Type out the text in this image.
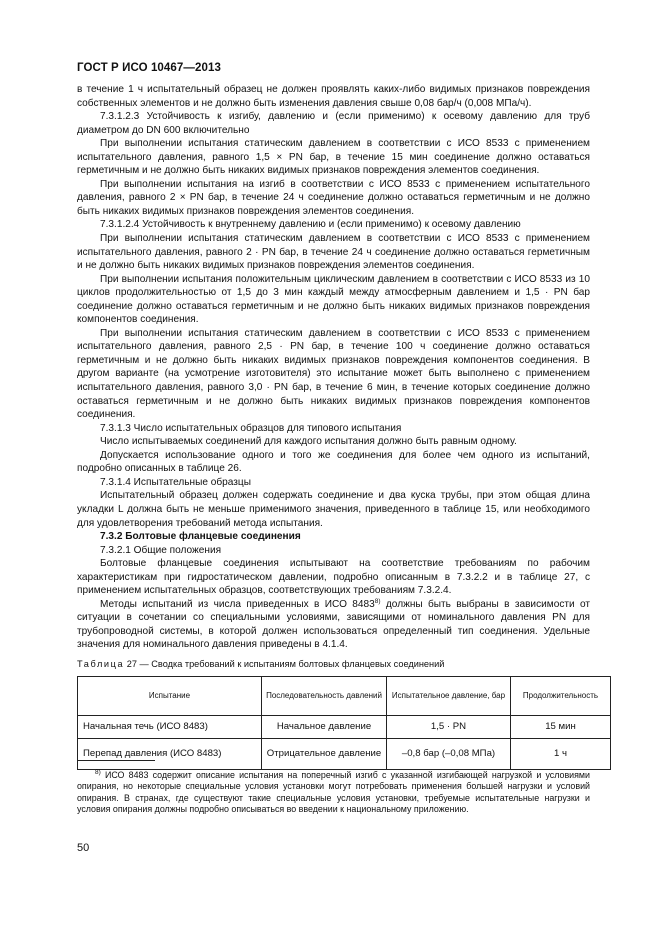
ГОСТ Р ИСО 10467—2013

в течение 1 ч испытательный образец не должен проявлять каких-либо видимых признаков повреждения собственных элементов и не должно быть изменения давления свыше 0,08 бар/ч (0,008 МПа/ч).

7.3.1.2.3 Устойчивость к изгибу, давлению и (если применимо) к осевому давлению для труб диаметром до DN 600 включительно

При выполнении испытания статическим давлением в соответствии с ИСО 8533 с применением испытательного давления, равного 1,5 × PN бар, в течение 15 мин соединение должно оставаться герметичным и не должно быть никаких видимых признаков повреждения элементов соединения.

При выполнении испытания на изгиб в соответствии с ИСО 8533 с применением испытательного давления, равного 2 × PN бар, в течение 24 ч соединение должно оставаться герметичным и не должно быть никаких видимых признаков повреждения элементов соединения.

7.3.1.2.4 Устойчивость к внутреннему давлению и (если применимо) к осевому давлению

При выполнении испытания статическим давлением в соответствии с ИСО 8533 с применением испытательного давления, равного 2 · PN бар, в течение 24 ч соединение должно оставаться герметичным и не должно быть никаких видимых признаков повреждения элементов соединения.

При выполнении испытания положительным циклическим давлением в соответствии с ИСО 8533 из 10 циклов продолжительностью от 1,5 до 3 мин каждый между атмосферным давлением и 1,5 · PN бар соединение должно оставаться герметичным и не должно быть никаких видимых признаков повреждения компонентов соединения.

При выполнении испытания статическим давлением в соответствии с ИСО 8533 с применением испытательного давления, равного 2,5 · PN бар, в течение 100 ч соединение должно оставаться герметичным и не должно быть никаких видимых признаков повреждения компонентов соединения. В другом варианте (на усмотрение изготовителя) это испытание может быть выполнено с применением испытательного давления, равного 3,0 · PN бар, в течение 6 мин, в течение которых соединение должно оставаться герметичным и не должно быть никаких видимых признаков повреждения компонентов соединения.

7.3.1.3 Число испытательных образцов для типового испытания

Число испытываемых соединений для каждого испытания должно быть равным одному.

Допускается использование одного и того же соединения для более чем одного из испытаний, подробно описанных в таблице 26.

7.3.1.4 Испытательные образцы

Испытательный образец должен содержать соединение и два куска трубы, при этом общая длина укладки L должна быть не меньше применимого значения, приведенного в таблице 15, или необходимого для удовлетворения требований метода испытания.

7.3.2 Болтовые фланцевые соединения

7.3.2.1 Общие положения

Болтовые фланцевые соединения испытывают на соответствие требованиям по рабочим характеристикам при гидростатическом давлении, подробно описанным в 7.3.2.2 и в таблице 27, с применением испытательных образцов, соответствующих требованиям 7.3.2.4.

Методы испытаний из числа приведенных в ИСО 8483$^{8)}$ должны быть выбраны в зависимости от ситуации в сочетании со специальными условиями, зависящими от номинального давления PN для трубопроводной системы, в которой должен использоваться определенный тип соединения. Удельные значения для номинального давления приведены в 4.1.4.

Таблица 27 — Сводка требований к испытаниям болтовых фланцевых соединений

Испытание	Последовательность давлений	Испытательное давление, бар	Продолжительность
Начальная течь (ИСО 8483)	Начальное давление	1,5 · PN	15 мин
Перепад давления (ИСО 8483)	Отрицательное давление	–0,8 бар (–0,08 МПа)	1 ч
$^{8)}$ ИСО 8483 содержит описание испытания на поперечный изгиб с указанной изгибающей нагрузкой и условиями опирания, но некоторые специальные условия установки могут потребовать применения большей нагрузки и условий опирания. В странах, где существуют такие специальные условия установки, требуемые испытательные нагрузки и условия опирания должны подробно описываться во введении к национальному приложению.
50
